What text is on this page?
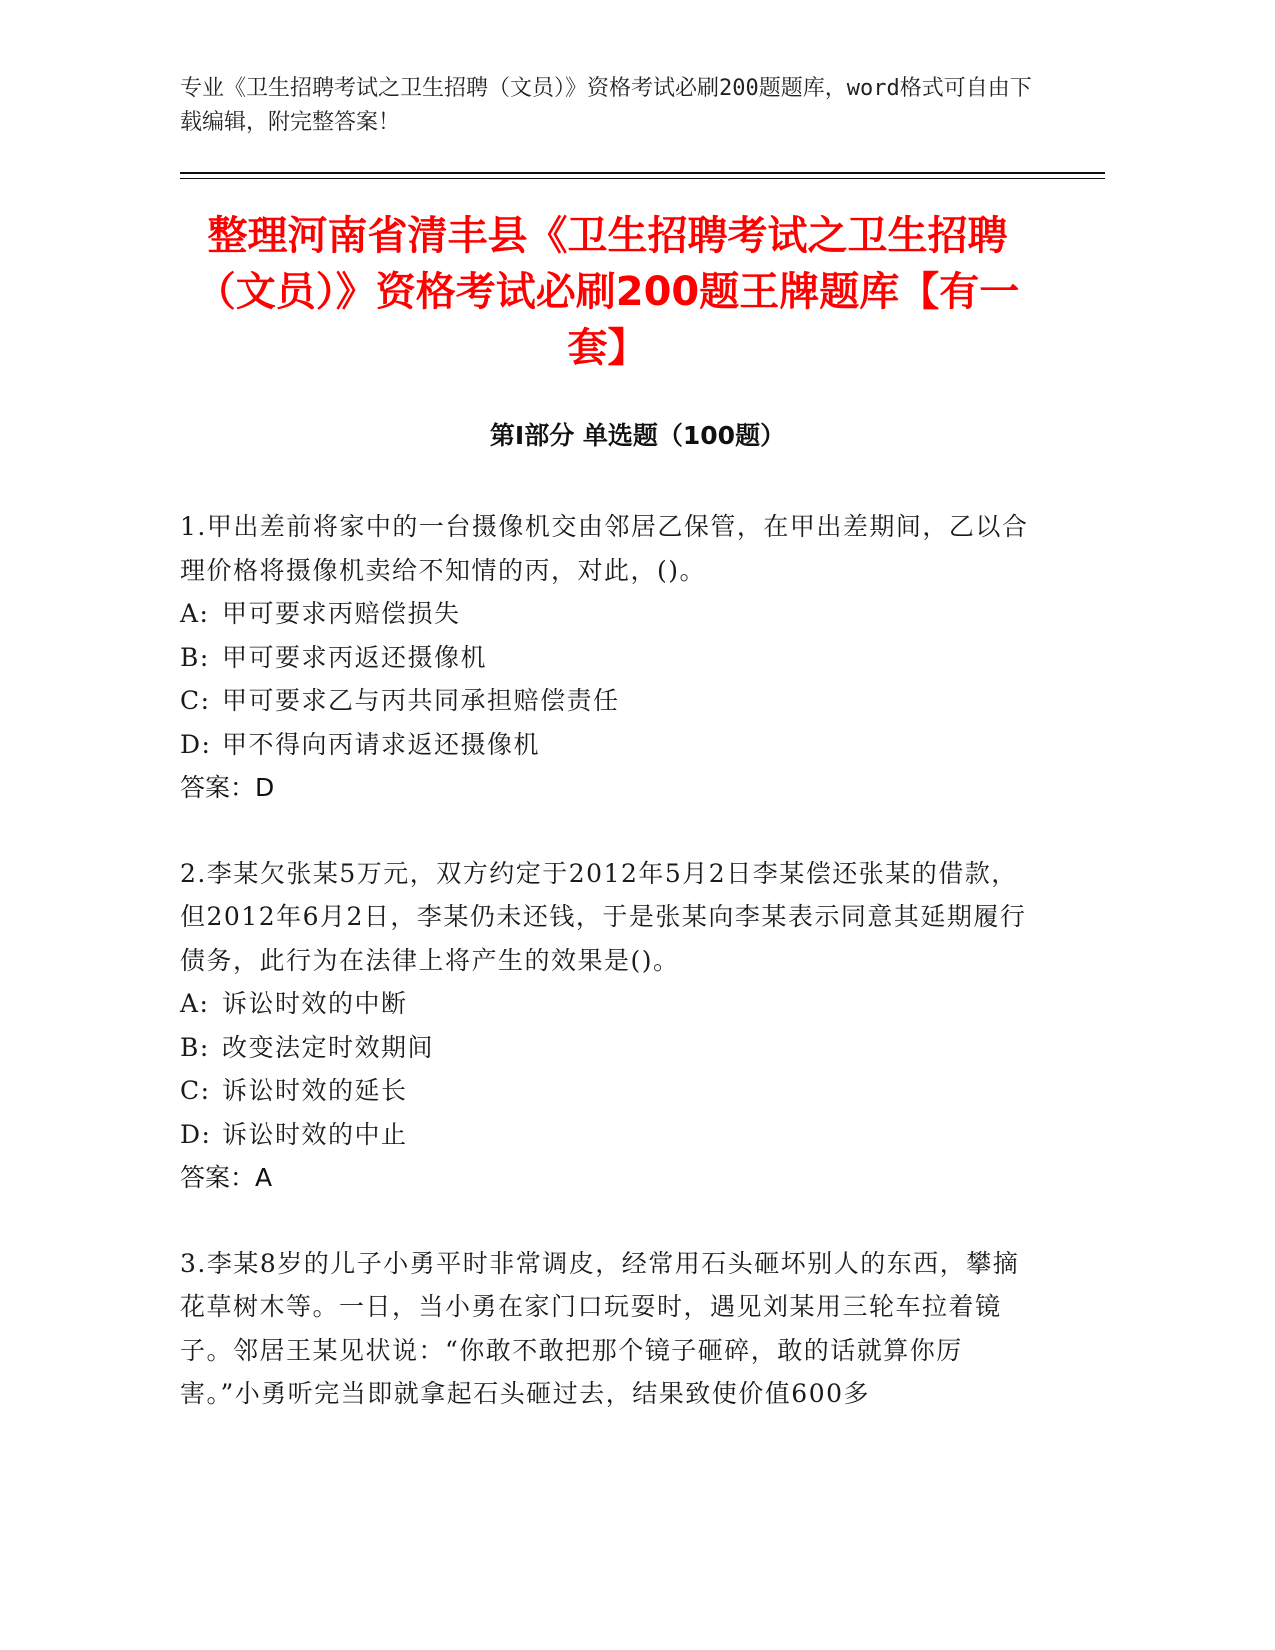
专业《卫生招聘考试之卫生招聘（文员）》资格考试必刷200题题库，word格式可自由下载编辑，附完整答案！
整理河南省清丰县《卫生招聘考试之卫生招聘（文员）》资格考试必刷200题王牌题库【有一套】
第I部分 单选题（100题）
1.甲出差前将家中的一台摄像机交由邻居乙保管，在甲出差期间，乙以合理价格将摄像机卖给不知情的丙，对此，()。
A: 甲可要求丙赔偿损失
B: 甲可要求丙返还摄像机
C: 甲可要求乙与丙共同承担赔偿责任
D: 甲不得向丙请求返还摄像机
答案：D
2.李某欠张某5万元，双方约定于2012年5月2日李某偿还张某的借款，但2012年6月2日，李某仍未还钱，于是张某向李某表示同意其延期履行债务，此行为在法律上将产生的效果是()。
A: 诉讼时效的中断
B: 改变法定时效期间
C: 诉讼时效的延长
D: 诉讼时效的中止
答案：A
3.李某8岁的儿子小勇平时非常调皮，经常用石头砸坏别人的东西，攀摘花草树木等。一日，当小勇在家门口玩耍时，遇见刘某用三轮车拉着镜子。邻居王某见状说：“你敢不敢把那个镜子砸碎，敢的话就算你厉害。”小勇听完当即就拿起石头砸过去，结果致使价值600多
